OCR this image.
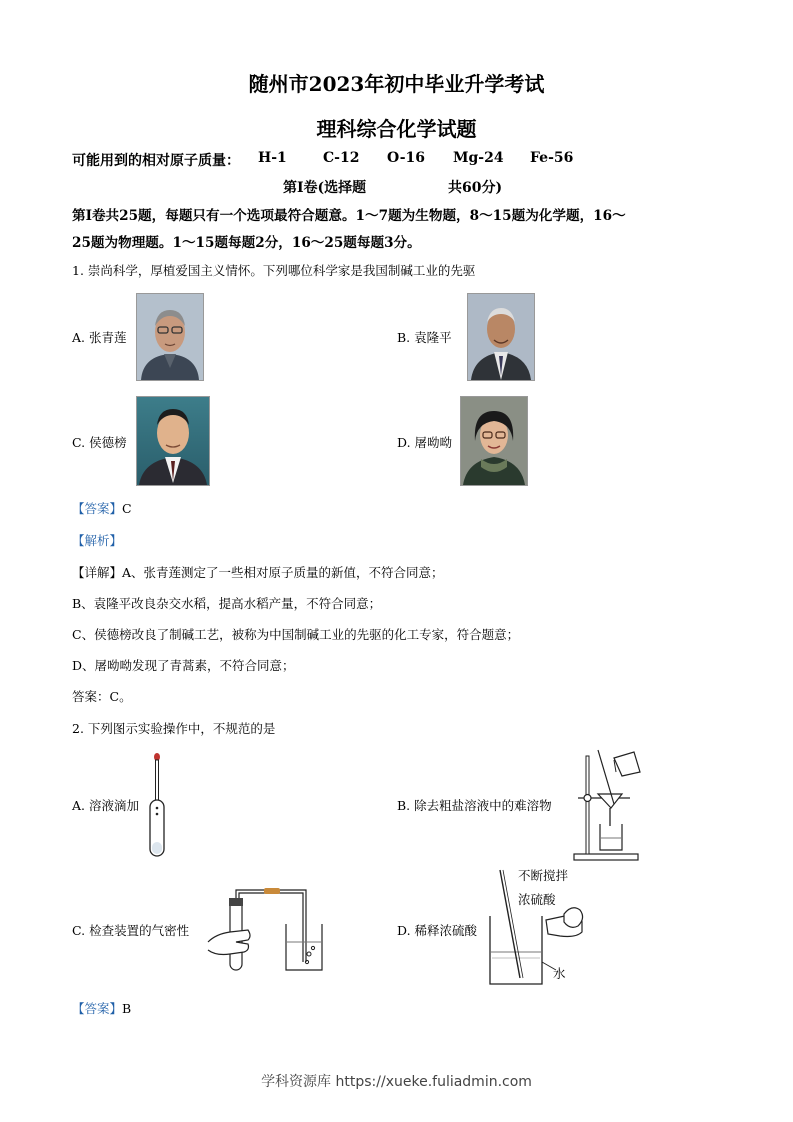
随州市2023年初中毕业升学考试
理科综合化学试题
可能用到的相对原子质量： H-1	C-12 O-16 Mg-24 Fe-56
第Ⅰ卷(选择题	共60分)
第Ⅰ卷共25题，每题只有一个选项最符合题意。1～7题为生物题，8～15题为化学题，16～
25题为物理题。1～15题每题2分，16～25题每题3分。
1. 崇尚科学，厚植爱国主义情怀。下列哪位科学家是我国制碱工业的先驱
A. 张青莲	B. 袁隆平
C. 侯德榜	D. 屠呦呦
【答案】C
【解析】
【详解】A、张青莲测定了一些相对原子质量的新值，不符合同意；
B、袁隆平改良杂交水稻，提高水稻产量，不符合同意；
C、侯德榜改良了制碱工艺，被称为中国制碱工业的先驱的化工专家，符合题意；
D、屠呦呦发现了青蒿素，不符合同意；
答案：C。
2. 下列图示实验操作中，不规范的是
A. 溶液滴加	B. 除去粗盐溶液中的难溶物
C. 检查装置的气密性	D. 稀释浓硫酸
不断搅拌
浓硫酸
水
【答案】B
学科资源库 https://xueke.fuliadmin.com
